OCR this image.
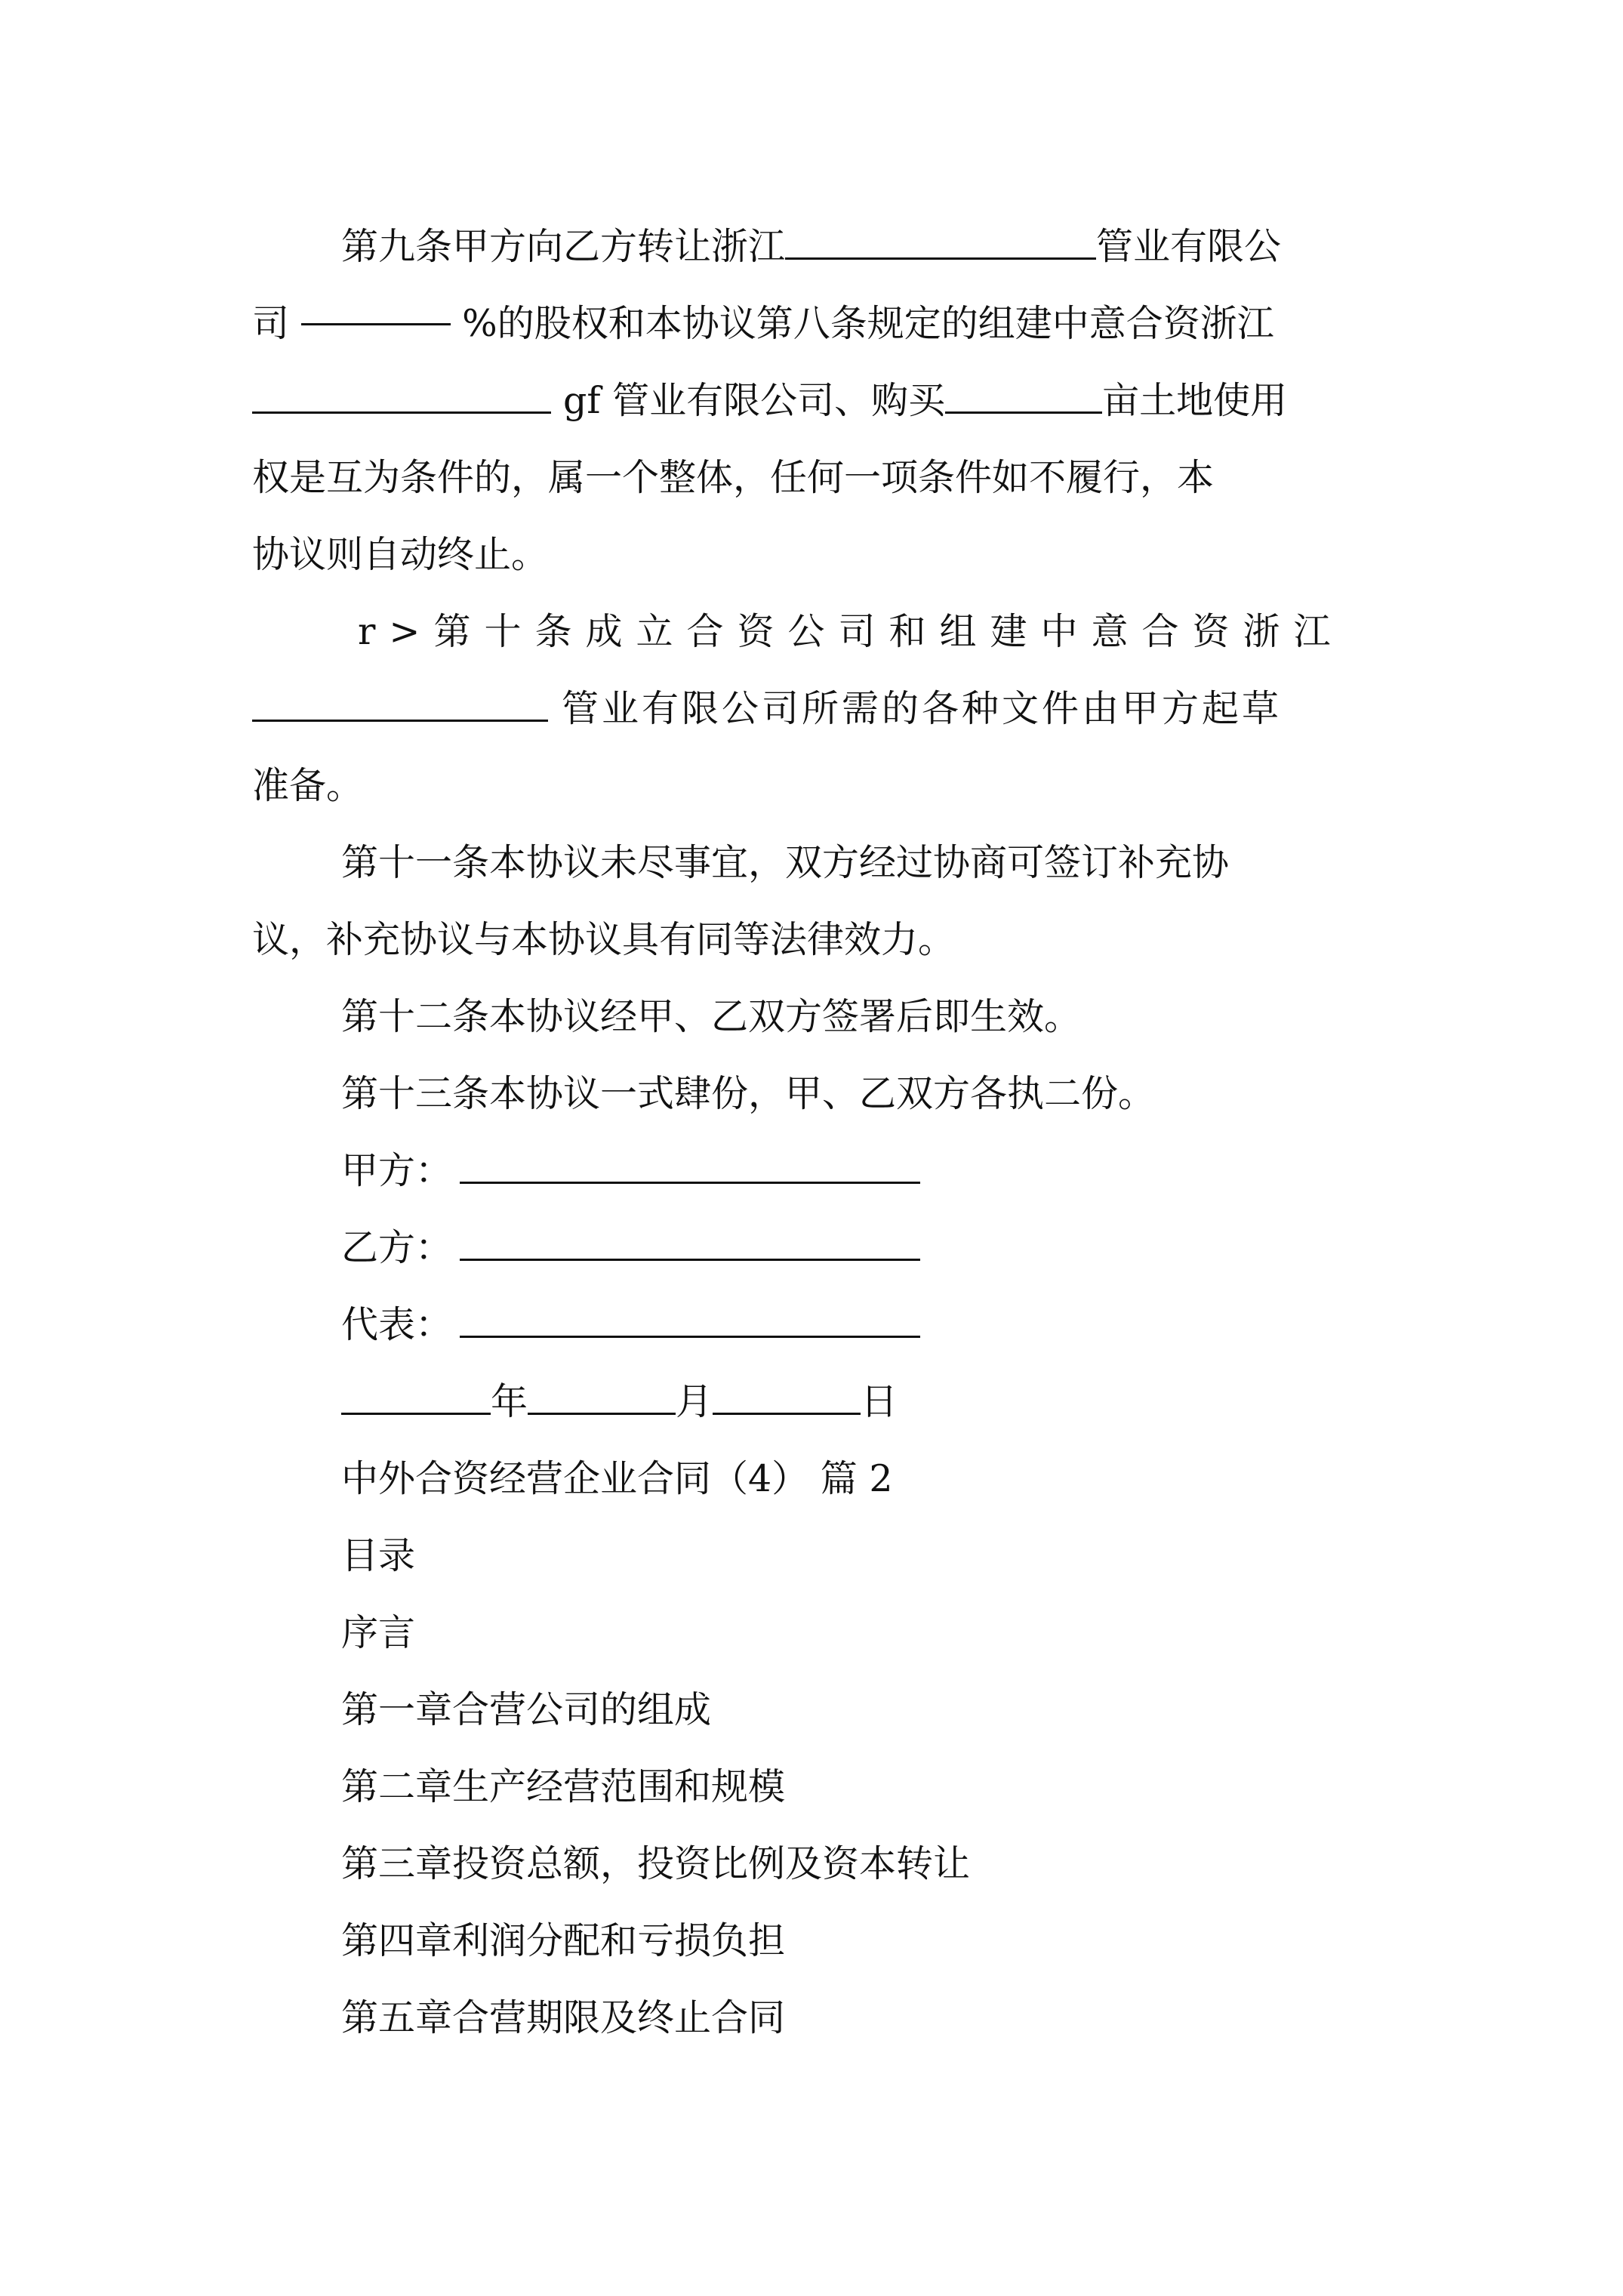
第九条甲方向乙方转让浙江	管业有限公
司	%的股权和本协议第八条规定的组建中意合资浙江
gf 管业有限公司、购买	亩土地使用
权是互为条件的，属一个整体，任何一项条件如不履行，本
协议则自动终止。
r>第十条成立合资公司和组建中意合资浙江
管业有限公司所需的各种文件由甲方起草
准备。
第十一条本协议未尽事宜，双方经过协商可签订补充协
议，补充协议与本协议具有同等法律效力。
第十二条本协议经甲、乙双方签署后即生效。
第十三条本协议一式肆份，甲、乙双方各执二份。
甲方：
乙方：
代表：
年	月	日
中外合资经营企业合同（4） 篇 2
目录
序言
第一章合营公司的组成
第二章生产经营范围和规模
第三章投资总额，投资比例及资本转让
第四章利润分配和亏损负担
第五章合营期限及终止合同
